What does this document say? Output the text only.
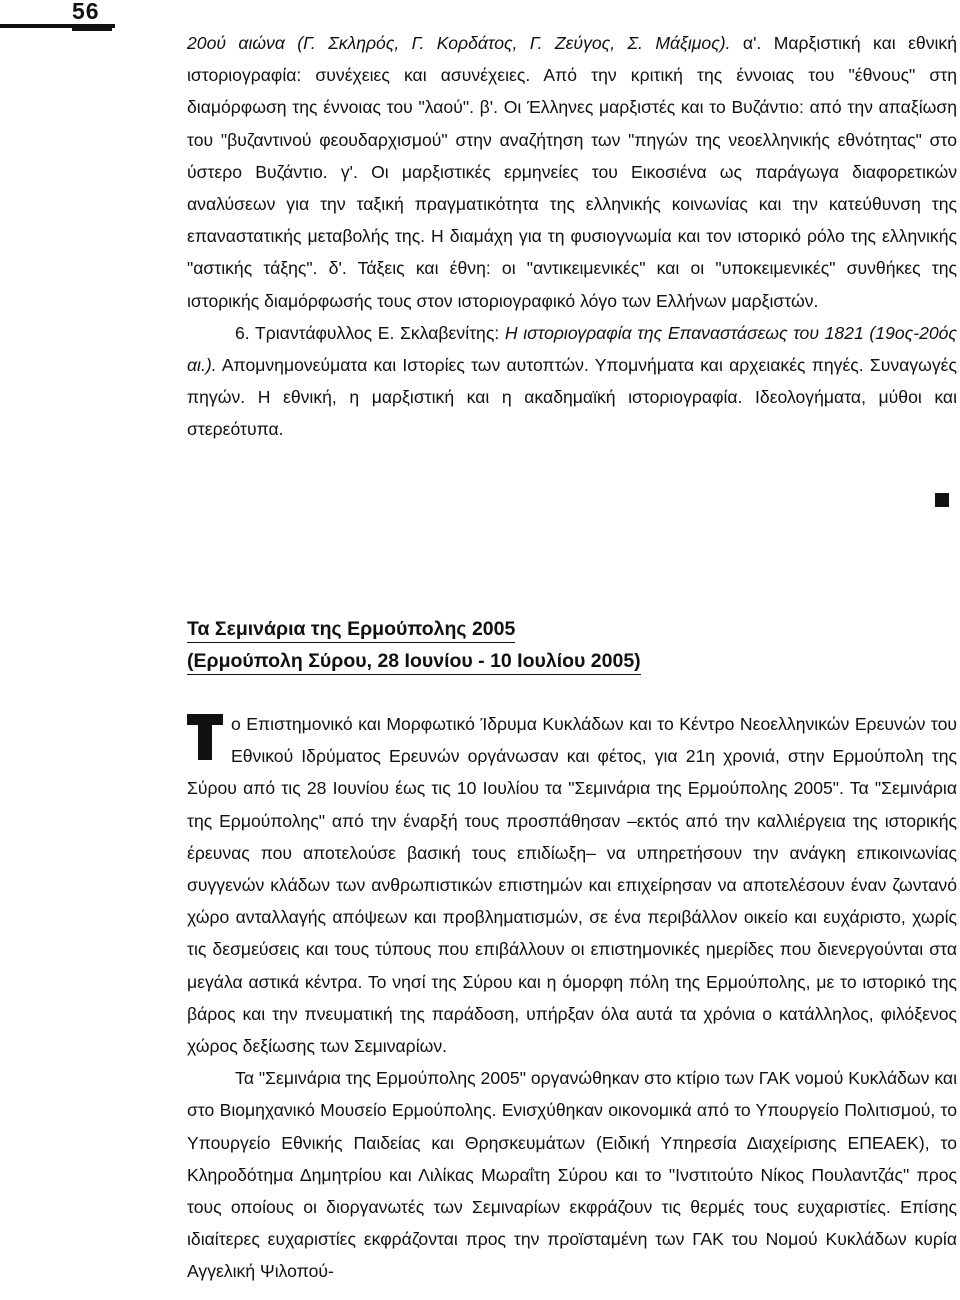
56

20ού αιώνα (Γ. Σκληρός, Γ. Κορδάτος, Γ. Ζεύγος, Σ. Μάξιμος). α'. Μαρξιστική και εθνική ιστοριογραφία: συνέχειες και ασυνέχειες. Από την κριτική της έννοιας του "έθνους" στη διαμόρφωση της έννοιας του "λαού". β'. Οι Έλληνες μαρξιστές και το Βυζάντιο: από την απαξίωση του "βυζαντινού φεουδαρχισμού" στην αναζήτηση των "πηγών της νεοελληνικής εθνότητας" στο ύστερο Βυζάντιο. γ'. Οι μαρξιστικές ερμηνείες του Εικοσιένα ως παράγωγα διαφορετικών αναλύσεων για την ταξική πραγματικότητα της ελληνικής κοινωνίας και την κατεύθυνση της επαναστατικής μεταβολής της. Η διαμάχη για τη φυσιογνωμία και τον ιστορικό ρόλο της ελληνικής "αστικής τάξης". δ'. Τάξεις και έθνη: οι "αντικειμενικές" και οι "υποκειμενικές" συνθήκες της ιστορικής διαμόρφωσής τους στον ιστοριογραφικό λόγο των Ελλήνων μαρξιστών.

6. Τριαντάφυλλος Ε. Σκλαβενίτης: Η ιστοριογραφία της Επαναστάσεως του 1821 (19ος-20ός αι.). Απομνημονεύματα και Ιστορίες των αυτοπτών. Υπομνήματα και αρχειακές πηγές. Συναγωγές πηγών. Η εθνική, η μαρξιστική και η ακαδημαϊκή ιστοριογραφία. Ιδεολογήματα, μύθοι και στερεότυπα.

Τα Σεμινάρια της Ερμούπολης 2005
(Ερμούπολη Σύρου, 28 Ιουνίου - 10 Ιουλίου 2005)

ο Επιστημονικό και Μορφωτικό Ίδρυμα Κυκλάδων και το Κέντρο Νεοελληνικών Ερευνών του Εθνικού Ιδρύματος Ερευνών οργάνωσαν και φέτος, για 21η χρονιά, στην Ερμούπολη της Σύρου από τις 28 Ιουνίου έως τις 10 Ιουλίου τα "Σεμινάρια της Ερμούπολης 2005". Τα "Σεμινάρια της Ερμούπολης" από την έναρξή τους προσπάθησαν –εκτός από την καλλιέργεια της ιστορικής έρευνας που αποτελούσε βασική τους επιδίωξη– να υπηρετήσουν την ανάγκη επικοινωνίας συγγενών κλάδων των ανθρωπιστικών επιστημών και επιχείρησαν να αποτελέσουν έναν ζωντανό χώρο ανταλλαγής απόψεων και προβληματισμών, σε ένα περιβάλλον οικείο και ευχάριστο, χωρίς τις δεσμεύσεις και τους τύπους που επιβάλλουν οι επιστημονικές ημερίδες που διενεργούνται στα μεγάλα αστικά κέντρα. Το νησί της Σύρου και η όμορφη πόλη της Ερμούπολης, με το ιστορικό της βάρος και την πνευματική της παράδοση, υπήρξαν όλα αυτά τα χρόνια ο κατάλληλος, φιλόξενος χώρος δεξίωσης των Σεμιναρίων.

Τα "Σεμινάρια της Ερμούπολης 2005" οργανώθηκαν στο κτίριο των ΓΑΚ νομού Κυκλάδων και στο Βιομηχανικό Μουσείο Ερμούπολης. Ενισχύθηκαν οικονομικά από το Υπουργείο Πολιτισμού, το Υπουργείο Εθνικής Παιδείας και Θρησκευμάτων (Ειδική Υπηρεσία Διαχείρισης ΕΠΕΑΕΚ), το Κληροδότημα Δημητρίου και Λιλίκας Μωραΐτη Σύρου και το "Ινστιτούτο Νίκος Πουλαντζάς" προς τους οποίους οι διοργανωτές των Σεμιναρίων εκφράζουν τις θερμές τους ευχαριστίες. Επίσης ιδιαίτερες ευχαριστίες εκφράζονται προς την προϊσταμένη των ΓΑΚ του Νομού Κυκλάδων κυρία Αγγελική Ψιλοπού-
